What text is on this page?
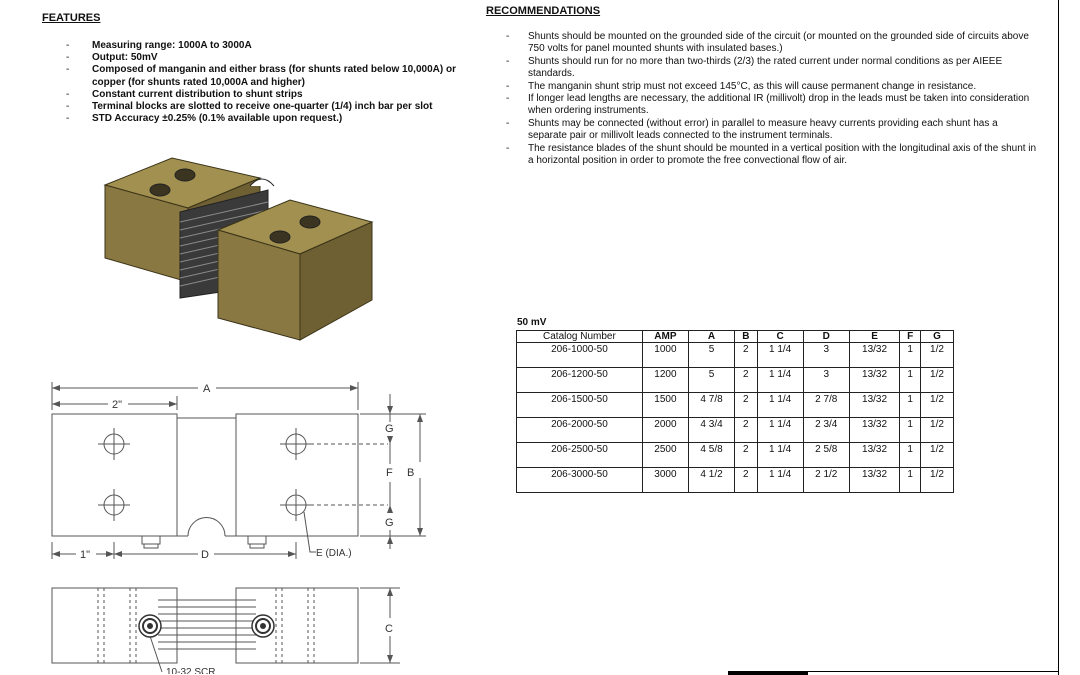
FEATURES
- Measuring range: 1000A to 3000A
- Output: 50mV
- Composed of manganin and either brass (for shunts rated below 10,000A) or copper (for shunts rated 10,000A and higher)
- Constant current distribution to shunt strips
- Terminal blocks are slotted to receive one-quarter (1/4) inch bar per slot
- STD Accuracy ±0.25% (0.1% available upon request.)
RECOMMENDATIONS
- Shunts should be mounted on the grounded side of the circuit (or mounted on the grounded side of circuits above 750 volts for panel mounted shunts with insulated bases.)
- Shunts should run for no more than two-thirds (2/3) the rated current under normal conditions as per AIEEE standards.
- The manganin shunt strip must not exceed 145°C, as this will cause permanent change in resistance.
- If longer lead lengths are necessary, the additional IR (millivolt) drop in the leads must be taken into consideration when ordering instruments.
- Shunts may be connected (without error) in parallel to measure heavy currents providing each shunt has a separate pair or millivolt leads connected to the instrument terminals.
- The resistance blades of the shunt should be mounted in a vertical position with the longitudinal axis of the shunt in a horizontal position in order to promote the free convectional flow of air.
A
2"
1"	D	E (DIA.)
G
F B
G
C
10-32 SCR
50 mV
Catalog Number	AMP	A	B	C	D	E	F	G
206-1000-50	1000	5	2	1 1/4	3	13/32	1	1/2
206-1200-50	1200	5	2	1 1/4	3	13/32	1	1/2
206-1500-50	1500	4 7/8	2	1 1/4	2 7/8	13/32	1	1/2
206-2000-50	2000	4 3/4	2	1 1/4	2 3/4	13/32	1	1/2
206-2500-50	2500	4 5/8	2	1 1/4	2 5/8	13/32	1	1/2
206-3000-50	3000	4 1/2	2	1 1/4	2 1/2	13/32	1	1/2
